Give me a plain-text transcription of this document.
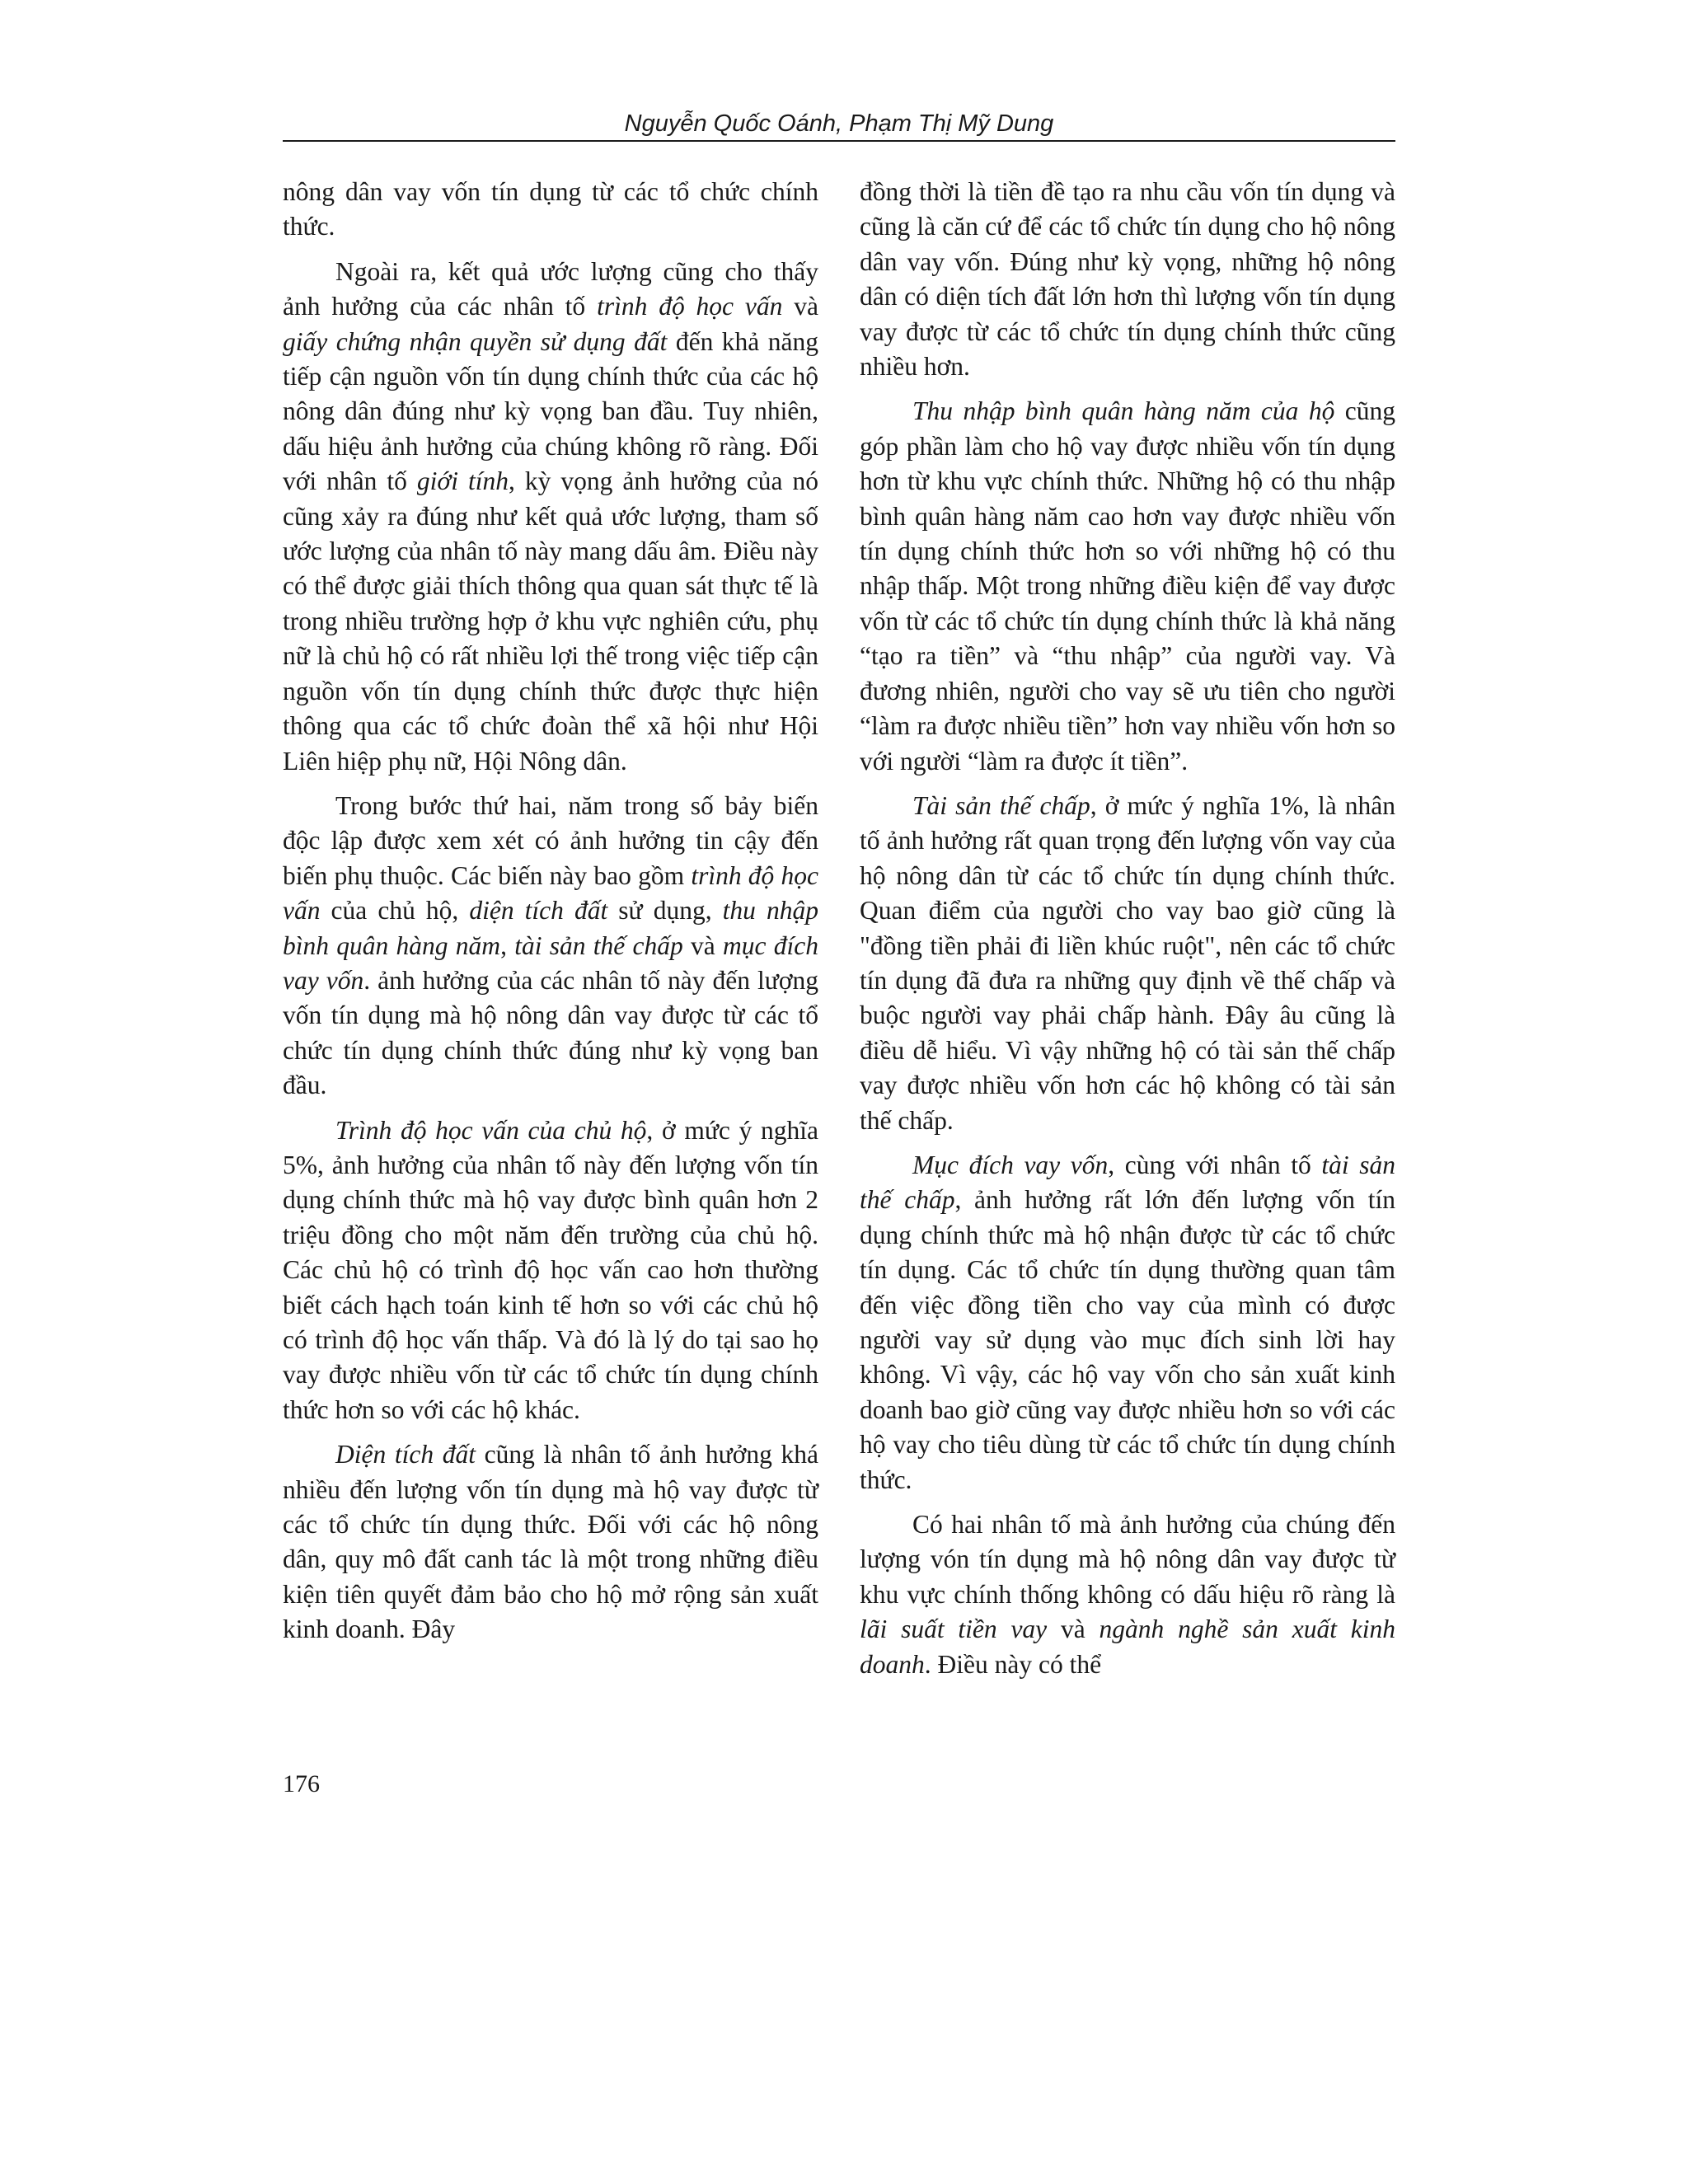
Nguyễn Quốc Oánh, Phạm Thị Mỹ Dung

nông dân vay vốn tín dụng từ các tổ chức chính thức.

Ngoài ra, kết quả ước lượng cũng cho thấy ảnh hưởng của các nhân tố trình độ học vấn và giấy chứng nhận quyền sử dụng đất đến khả năng tiếp cận nguồn vốn tín dụng chính thức của các hộ nông dân đúng như kỳ vọng ban đầu. Tuy nhiên, dấu hiệu ảnh hưởng của chúng không rõ ràng. Đối với nhân tố giới tính, kỳ vọng ảnh hưởng của nó cũng xảy ra đúng như kết quả ước lượng, tham số ước lượng của nhân tố này mang dấu âm. Điều này có thể được giải thích thông qua quan sát thực tế là trong nhiều trường hợp ở khu vực nghiên cứu, phụ nữ là chủ hộ có rất nhiều lợi thế trong việc tiếp cận nguồn vốn tín dụng chính thức được thực hiện thông qua các tổ chức đoàn thể xã hội như Hội Liên hiệp phụ nữ, Hội Nông dân.

Trong bước thứ hai, năm trong số bảy biến độc lập được xem xét có ảnh hưởng tin cậy đến biến phụ thuộc. Các biến này bao gồm trình độ học vấn của chủ hộ, diện tích đất sử dụng, thu nhập bình quân hàng năm, tài sản thế chấp và mục đích vay vốn. ảnh hưởng của các nhân tố này đến lượng vốn tín dụng mà hộ nông dân vay được từ các tổ chức tín dụng chính thức đúng như kỳ vọng ban đầu.

Trình độ học vấn của chủ hộ, ở mức ý nghĩa 5%, ảnh hưởng của nhân tố này đến lượng vốn tín dụng chính thức mà hộ vay được bình quân hơn 2 triệu đồng cho một năm đến trường của chủ hộ. Các chủ hộ có trình độ học vấn cao hơn thường biết cách hạch toán kinh tế hơn so với các chủ hộ có trình độ học vấn thấp. Và đó là lý do tại sao họ vay được nhiều vốn từ các tổ chức tín dụng chính thức hơn so với các hộ khác.

Diện tích đất cũng là nhân tố ảnh hưởng khá nhiều đến lượng vốn tín dụng mà hộ vay được từ các tổ chức tín dụng thức. Đối với các hộ nông dân, quy mô đất canh tác là một trong những điều kiện tiên quyết đảm bảo cho hộ mở rộng sản xuất kinh doanh. Đây

đồng thời là tiền đề tạo ra nhu cầu vốn tín dụng và cũng là căn cứ để các tổ chức tín dụng cho hộ nông dân vay vốn. Đúng như kỳ vọng, những hộ nông dân có diện tích đất lớn hơn thì lượng vốn tín dụng vay được từ các tổ chức tín dụng chính thức cũng nhiều hơn.

Thu nhập bình quân hàng năm của hộ cũng góp phần làm cho hộ vay được nhiều vốn tín dụng hơn từ khu vực chính thức. Những hộ có thu nhập bình quân hàng năm cao hơn vay được nhiều vốn tín dụng chính thức hơn so với những hộ có thu nhập thấp. Một trong những điều kiện để vay được vốn từ các tổ chức tín dụng chính thức là khả năng “tạo ra tiền” và “thu nhập” của người vay. Và đương nhiên, người cho vay sẽ ưu tiên cho người “làm ra được nhiều tiền” hơn vay nhiều vốn hơn so với người “làm ra được ít tiền”.

Tài sản thế chấp, ở mức ý nghĩa 1%, là nhân tố ảnh hưởng rất quan trọng đến lượng vốn vay của hộ nông dân từ các tổ chức tín dụng chính thức. Quan điểm của người cho vay bao giờ cũng là "đồng tiền phải đi liền khúc ruột", nên các tổ chức tín dụng đã đưa ra những quy định về thế chấp và buộc người vay phải chấp hành. Đây âu cũng là điều dễ hiểu. Vì vậy những hộ có tài sản thế chấp vay được nhiều vốn hơn các hộ không có tài sản thế chấp.

Mục đích vay vốn, cùng với nhân tố tài sản thế chấp, ảnh hưởng rất lớn đến lượng vốn tín dụng chính thức mà hộ nhận được từ các tổ chức tín dụng. Các tổ chức tín dụng thường quan tâm đến việc đồng tiền cho vay của mình có được người vay sử dụng vào mục đích sinh lời hay không. Vì vậy, các hộ vay vốn cho sản xuất kinh doanh bao giờ cũng vay được nhiều hơn so với các hộ vay cho tiêu dùng từ các tổ chức tín dụng chính thức.

Có hai nhân tố mà ảnh hưởng của chúng đến lượng vón tín dụng mà hộ nông dân vay được từ khu vực chính thống không có dấu hiệu rõ ràng là lãi suất tiền vay và ngành nghề sản xuất kinh doanh. Điều này có thể

176
